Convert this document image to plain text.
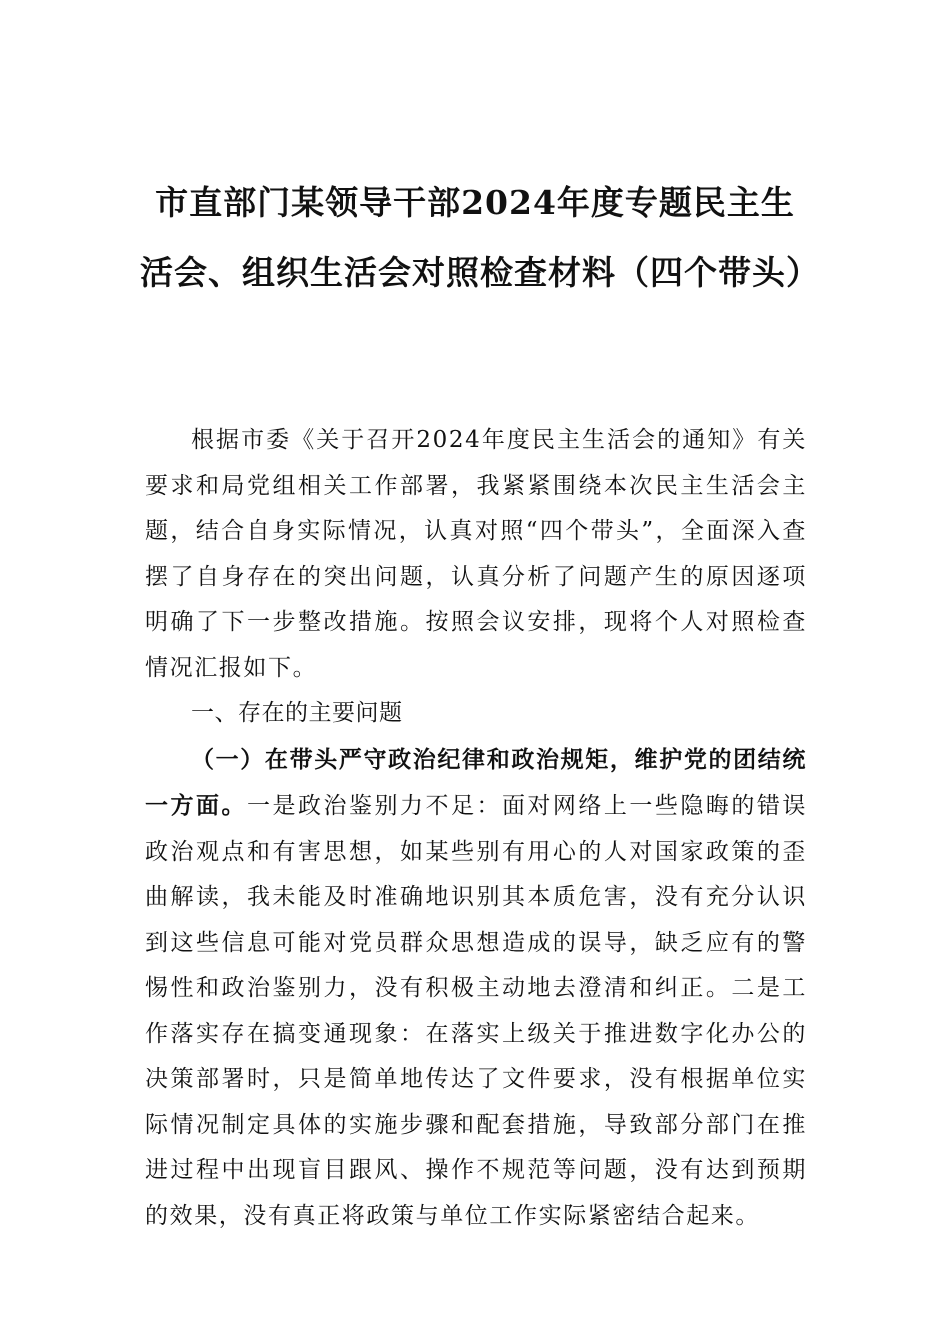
市直部门某领导干部2024年度专题民主生活会、组织生活会对照检查材料（四个带头）

根据市委《关于召开2024年度民主生活会的通知》有关要求和局党组相关工作部署，我紧紧围绕本次民主生活会主题，结合自身实际情况，认真对照“四个带头”，全面深入查摆了自身存在的突出问题，认真分析了问题产生的原因逐项明确了下一步整改措施。按照会议安排，现将个人对照检查情况汇报如下。

一、存在的主要问题

（一）在带头严守政治纪律和政治规矩，维护党的团结统一方面。一是政治鉴别力不足：面对网络上一些隐晦的错误政治观点和有害思想，如某些别有用心的人对国家政策的歪曲解读，我未能及时准确地识别其本质危害，没有充分认识到这些信息可能对党员群众思想造成的误导，缺乏应有的警惕性和政治鉴别力，没有积极主动地去澄清和纠正。二是工作落实存在搞变通现象：在落实上级关于推进数字化办公的决策部署时，只是简单地传达了文件要求，没有根据单位实际情况制定具体的实施步骤和配套措施，导致部分部门在推进过程中出现盲目跟风、操作不规范等问题，没有达到预期的效果，没有真正将政策与单位工作实际紧密结合起来。
